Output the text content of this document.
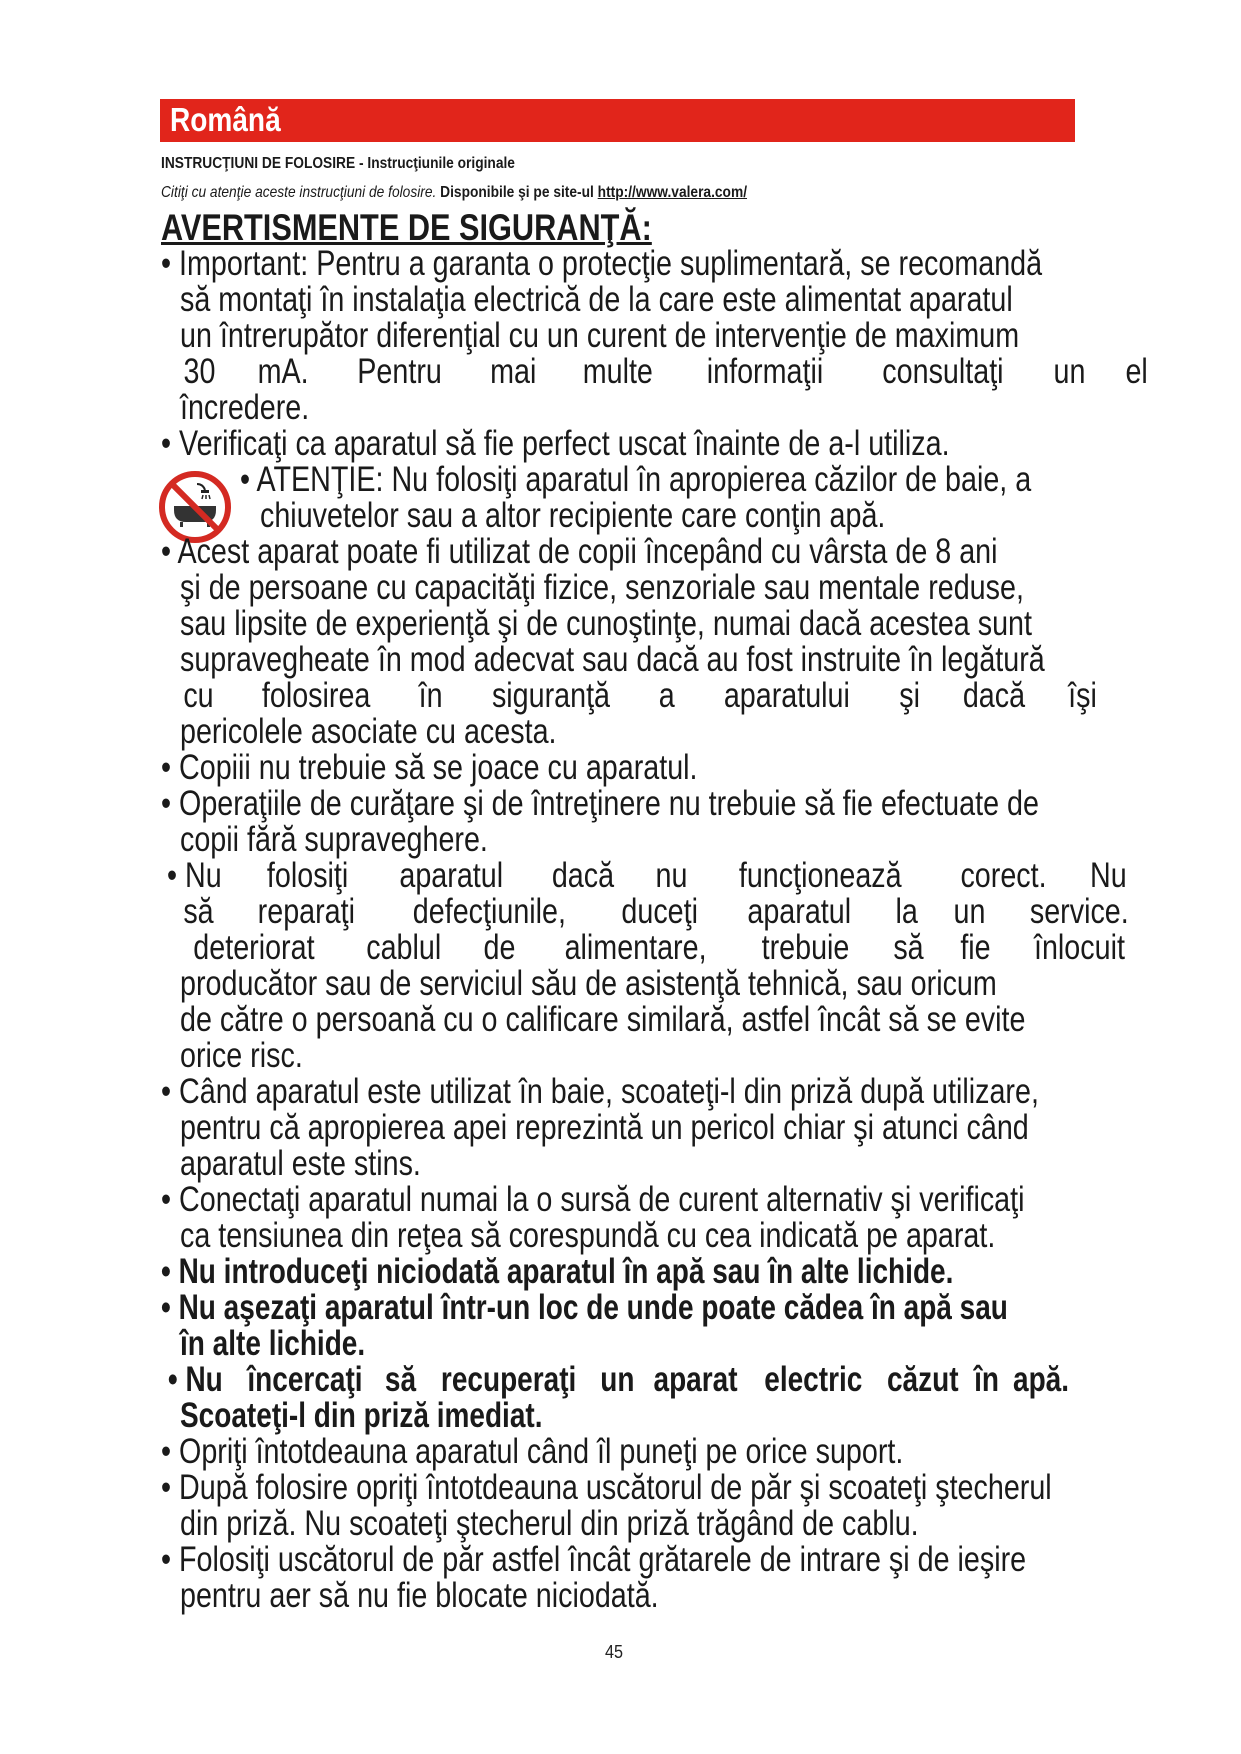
Română
INSTRUCŢIUNI DE FOLOSIRE - Instrucţiunile originale
Citiţi cu atenţie aceste instrucţiuni de folosire. Disponibile şi pe site-ul http://www.valera.com/
AVERTISMENTE DE SIGURANŢĂ:
• Important: Pentru a garanta o protecţie suplimentară, se recomandă
să montaţi în instalaţia electrică de la care este alimentat aparatul
un întrerupător diferenţial cu un curent de intervenţie de maximum
30 mA. Pentru mai multe informaţii consultaţi un el
încredere.
• Verificaţi ca aparatul să fie perfect uscat înainte de a-l utiliza.
• ATENŢIE: Nu folosiţi aparatul în apropierea căzilor de baie, a
chiuvetelor sau a altor recipiente care conţin apă.
• Acest aparat poate fi utilizat de copii începând cu vârsta de 8 ani
şi de persoane cu capacităţi fizice, senzoriale sau mentale reduse,
sau lipsite de experienţă şi de cunoştinţe, numai dacă acestea sunt
supravegheate în mod adecvat sau dacă au fost instruite în legătură
cu folosirea în siguranţă a aparatului şi dacă îşi
pericolele asociate cu acesta.
• Copiii nu trebuie să se joace cu aparatul.
• Operaţiile de curăţare şi de întreţinere nu trebuie să fie efectuate de
copii fără supraveghere.
• Nu folosiţi aparatul dacă nu funcţionează corect. Nu
să reparaţi defecţiunile, duceţi aparatul la un service.
deteriorat cablul de alimentare, trebuie să fie înlocuit
producător sau de serviciul său de asistenţă tehnică, sau oricum
de către o persoană cu o calificare similară, astfel încât să se evite
orice risc.
• Când aparatul este utilizat în baie, scoateţi-l din priză după utilizare,
pentru că apropierea apei reprezintă un pericol chiar şi atunci când
aparatul este stins.
• Conectaţi aparatul numai la o sursă de curent alternativ şi verificaţi
ca tensiunea din reţea să corespundă cu cea indicată pe aparat.
• Nu introduceţi niciodată aparatul în apă sau în alte lichide.
• Nu aşezaţi aparatul într-un loc de unde poate cădea în apă sau
în alte lichide.
• Nu încercaţi să recuperaţi un aparat electric căzut în apă.
Scoateţi-l din priză imediat.
• Opriţi întotdeauna aparatul când îl puneţi pe orice suport.
• După folosire opriţi întotdeauna uscătorul de păr şi scoateţi ştecherul
din priză. Nu scoateţi ştecherul din priză trăgând de cablu.
• Folosiţi uscătorul de păr astfel încât grătarele de intrare şi de ieşire
pentru aer să nu fie blocate niciodată.
45
